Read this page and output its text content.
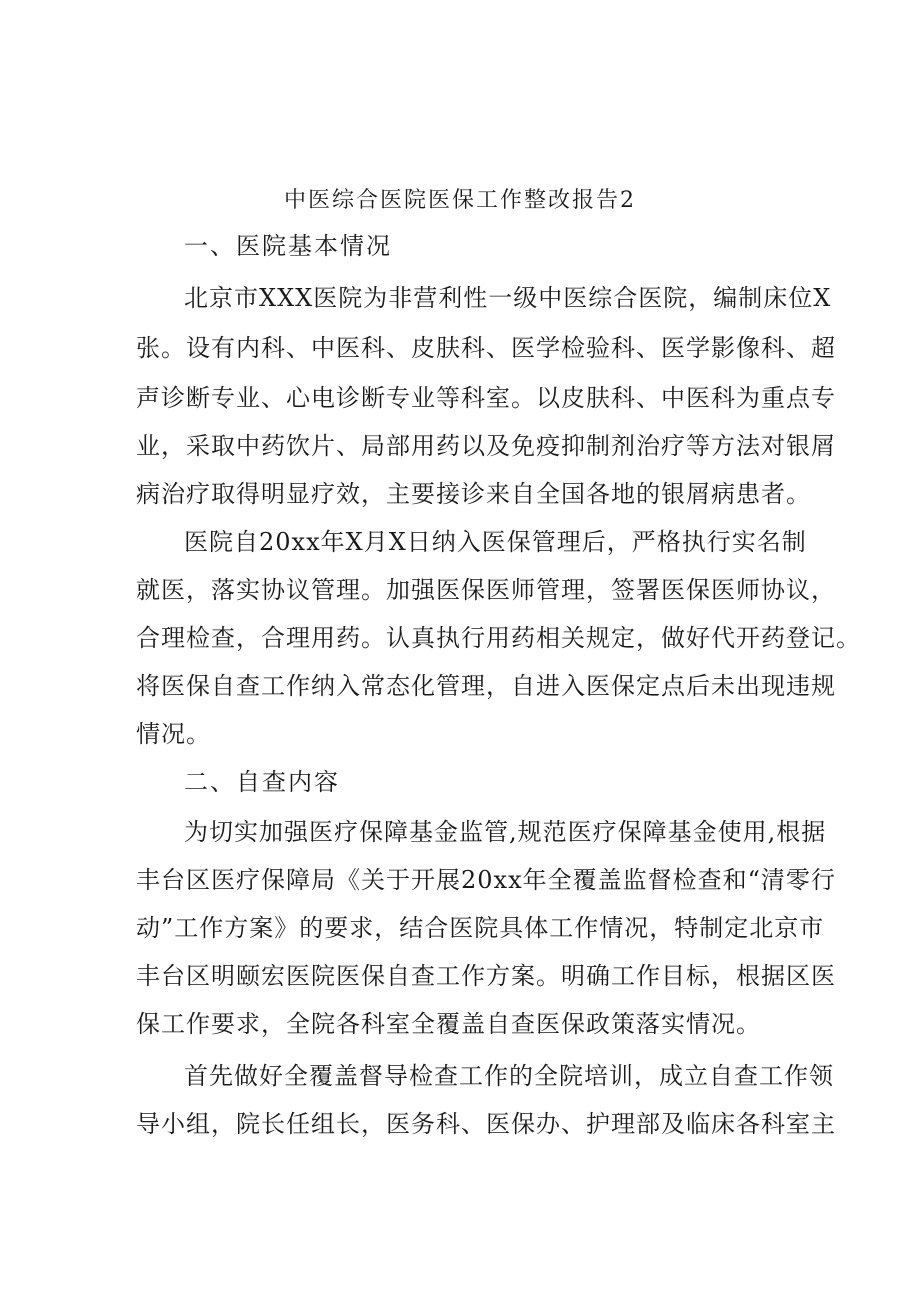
中医综合医院医保工作整改报告2
一、医院基本情况

北京市XXX医院为非营利性一级中医综合医院，编制床位X

张。设有内科、中医科、皮肤科、医学检验科、医学影像科、超

声诊断专业、心电诊断专业等科室。以皮肤科、中医科为重点专

业，采取中药饮片、局部用药以及免疫抑制剂治疗等方法对银屑

病治疗取得明显疗效，主要接诊来自全国各地的银屑病患者。

医院自20xx年X月X日纳入医保管理后，严格执行实名制

就医，落实协议管理。加强医保医师管理，签署医保医师协议，

合理检查，合理用药。认真执行用药相关规定，做好代开药登记。

将医保自查工作纳入常态化管理，自进入医保定点后未出现违规

情况。

二、自查内容

为切实加强医疗保障基金监管,规范医疗保障基金使用,根据

丰台区医疗保障局《关于开展20xx年全覆盖监督检查和“清零行

动”工作方案》的要求，结合医院具体工作情况，特制定北京市

丰台区明颐宏医院医保自查工作方案。明确工作目标，根据区医

保工作要求，全院各科室全覆盖自查医保政策落实情况。

首先做好全覆盖督导检查工作的全院培训，成立自查工作领

导小组，院长任组长，医务科、医保办、护理部及临床各科室主
